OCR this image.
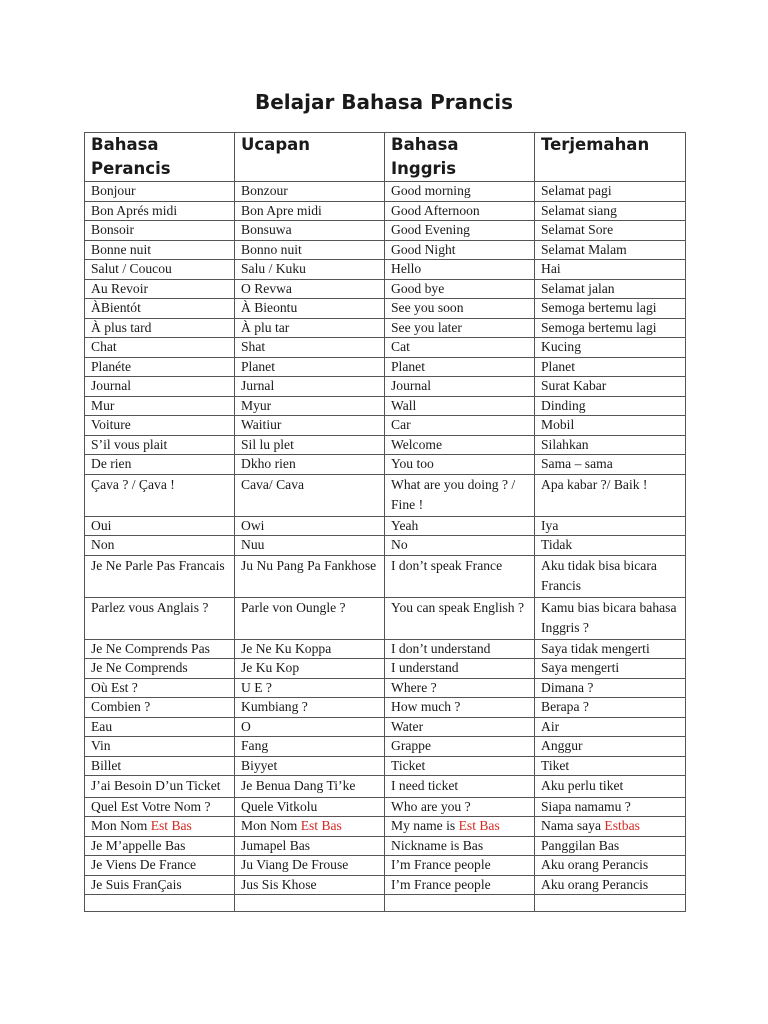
Belajar Bahasa Prancis
Bahasa Perancis	Ucapan	Bahasa Inggris	Terjemahan
Bonjour	Bonzour	Good morning	Selamat pagi
Bon Aprés midi	Bon Apre midi	Good Afternoon	Selamat siang
Bonsoir	Bonsuwa	Good Evening	Selamat Sore
Bonne nuit	Bonno nuit	Good Night	Selamat Malam
Salut / Coucou	Salu / Kuku	Hello	Hai
Au Revoir	O Revwa	Good bye	Selamat jalan
ÀBientót	À Bieontu	See you soon	Semoga bertemu lagi
À plus tard	À plu tar	See you later	Semoga bertemu lagi
Chat	Shat	Cat	Kucing
Planéte	Planet	Planet	Planet
Journal	Jurnal	Journal	Surat Kabar
Mur	Myur	Wall	Dinding
Voiture	Waitiur	Car	Mobil
S’il vous plait	Sil lu plet	Welcome	Silahkan
De rien	Dkho rien	You too	Sama – sama
Çava ? / Çava !	Cava/ Cava	What are you doing ? / Fine !	Apa kabar ?/ Baik !
Oui	Owi	Yeah	Iya
Non	Nuu	No	Tidak
Je Ne Parle Pas Francais	Ju Nu Pang Pa Fankhose	I don’t speak France	Aku tidak bisa bicara Francis
Parlez vous Anglais ?	Parle von Oungle ?	You can speak English ?	Kamu bias bicara bahasa Inggris ?
Je Ne Comprends Pas	Je Ne Ku Koppa	I don’t understand	Saya tidak mengerti
Je Ne Comprends	Je Ku Kop	I understand	Saya mengerti
Où Est ?	U E ?	Where ?	Dimana ?
Combien ?	Kumbiang ?	How much ?	Berapa ?
Eau	O	Water	Air
Vin	Fang	Grappe	Anggur
Billet	Biyyet	Ticket	Tiket
J’ai Besoin D’un Ticket	Je Benua Dang Ti’ke	I need ticket	Aku perlu tiket
Quel Est Votre Nom ?	Quele Vitkolu	Who are you ?	Siapa namamu ?
Mon Nom Est Bas	Mon Nom Est Bas	My name is Est Bas	Nama saya Estbas
Je M’appelle Bas	Jumapel Bas	Nickname is Bas	Panggilan Bas
Je Viens De France	Ju Viang De Frouse	I’m France people	Aku orang Perancis
Je Suis FranÇais	Jus Sis Khose	I’m France people	Aku orang Perancis
